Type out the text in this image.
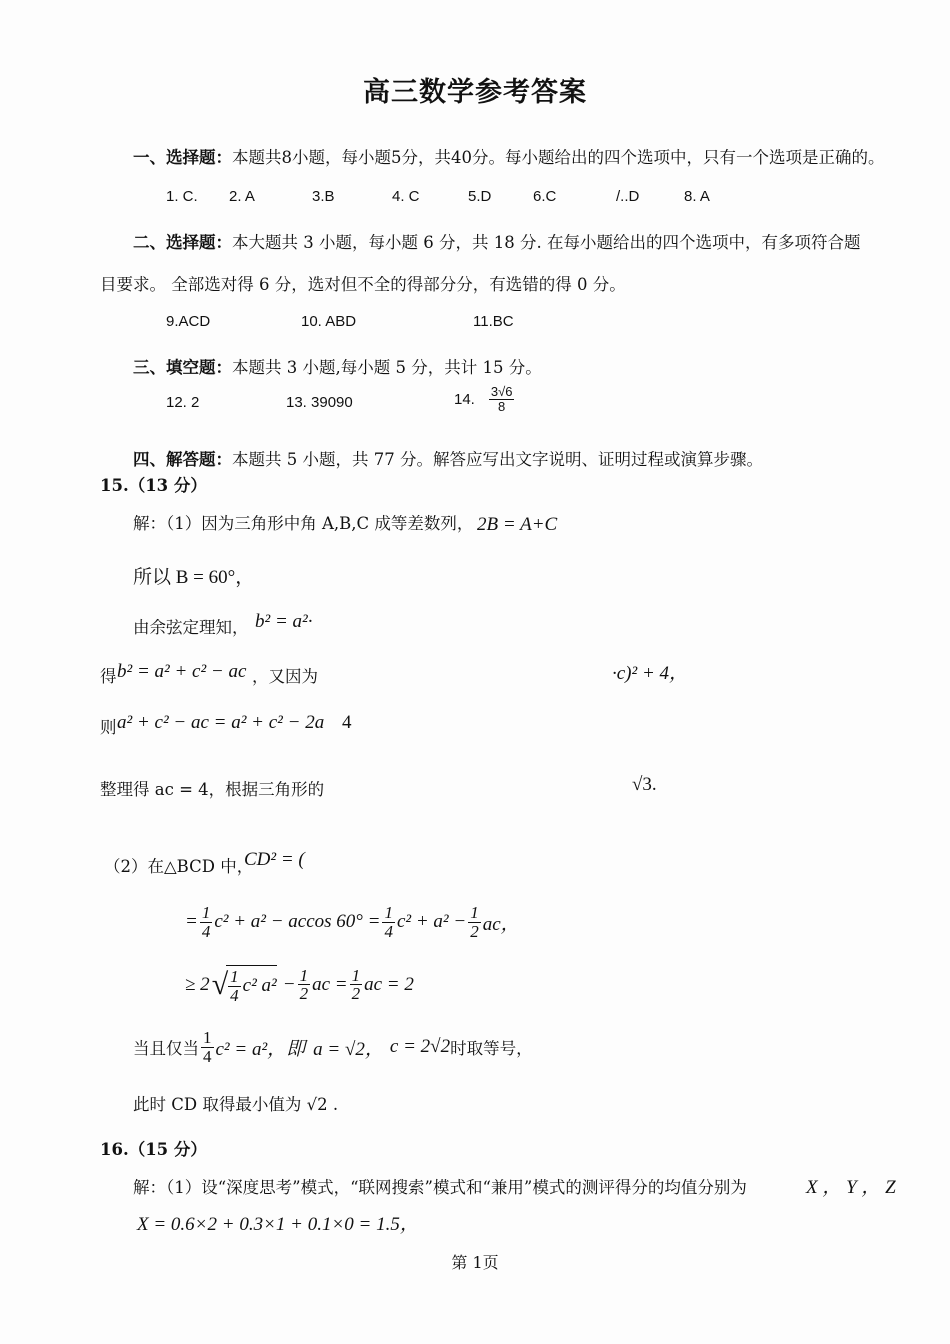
高三数学参考答案
一、选择题：本题共8小题，每小题5分，共40分。每小题给出的四个选项中，只有一个选项是正确的。
1. C. 2. A	3.B	4. C	5.D	6.C	/..D	8. A
二、选择题：本大题共 3 小题，每小题 6 分，共 18 分. 在每小题给出的四个选项中，有多项符合题
目要求。 全部选对得 6 分，选对但不全的得部分分，有选错的得 0 分。
9.ACD	10. ABD	11.BC
三、填空题：本题共 3 小题,每小题 5 分，共计 15 分。
12. 2	13. 39090	14. $\frac{3√6}{8}$
四、解答题：本题共 5 小题，共 77 分。解答应写出文字说明、证明过程或演算步骤。
15.（13 分）
解：（1）因为三角形中角 A,B,C 成等差数列， 2B = A+C
所以 B = 60°，
由余弦定理知， b² = a²·
得 b² = a² + c² − ac ，又因为	·c)² + 4，
则 a² + c² − ac = a² + c² − 2a 4
整理得 ac = 4，根据三角形的	√3.
（2）在△BCD 中，
CD² = (
= $\frac{1}{4} c^2 + a^2 - accos$ $60^\circ = \frac{1}{4} c^2 + a^2 - \frac{1}{2}$ ac，
≥ 2 √ $\frac{1}{4} c^2$ $a^2 - \frac{1}{2}$ ac = $\frac{1}{2}$ ac = 2
当且仅当 $\frac{1}{4} c^2 = a^2$，即 a = √2， c = 2√2 时取等号，
此时 CD 取得最小值为 √2 .
16.（15 分）
解：（1）设“深度思考”模式，“联网搜索”模式和“兼用”模式的测评得分的均值分别为	X ， Y ， Z
X = 0.6×2 + 0.3×1 + 0.1×0 = 1.5，
第 1页
